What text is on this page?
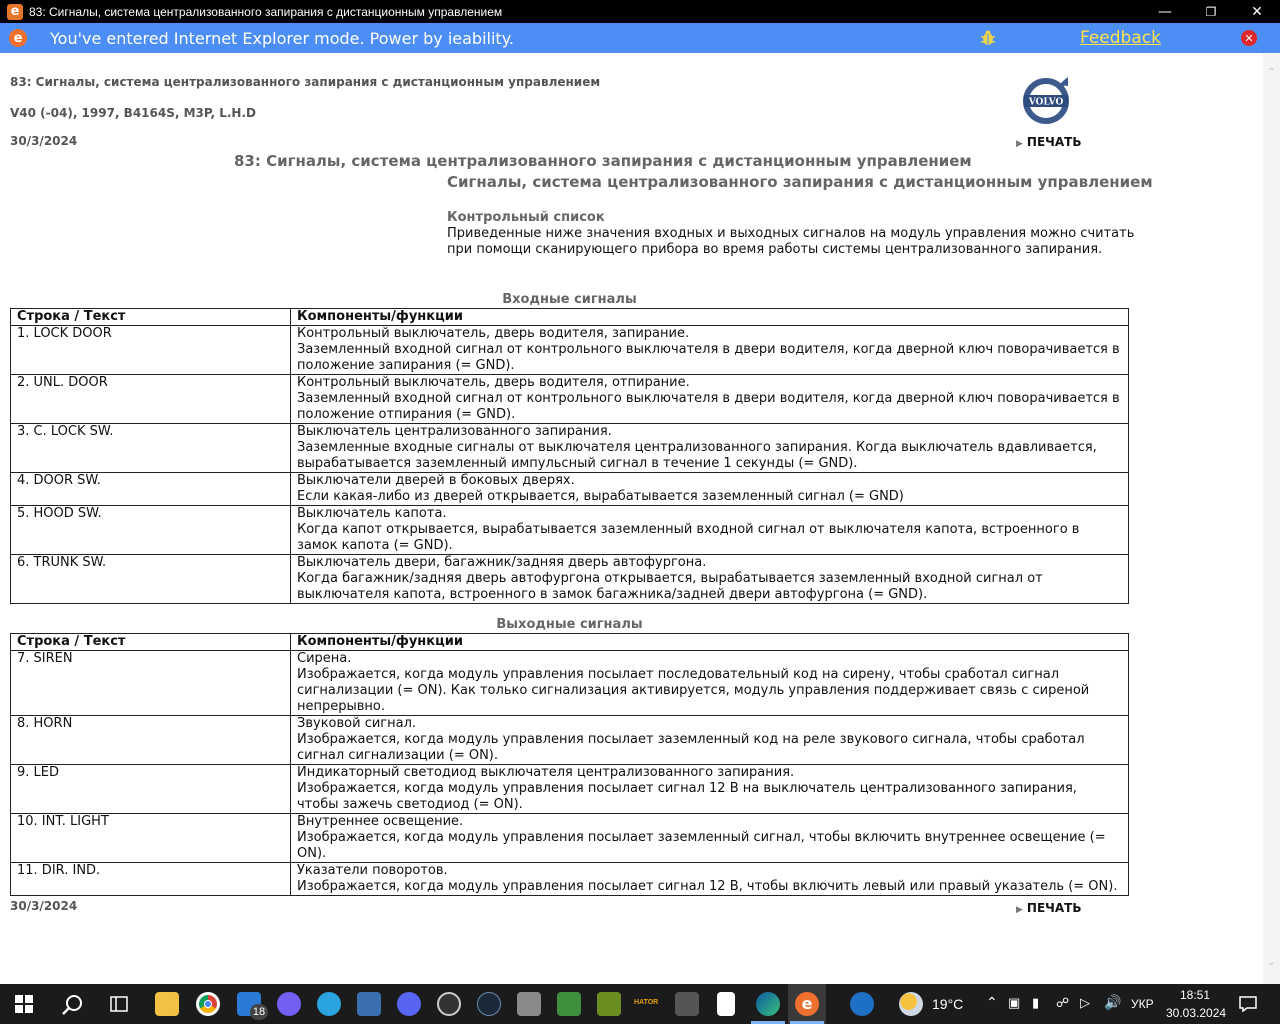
e 83: Сигналы, система централизованного запирания с дистанционным управлением	—	❐	✕
e You've entered Internet Explorer mode. Power by ieability.	Feedback	✕
83: Сигналы, система централизованного запирания с дистанционным управлением
V40 (-04), 1997, B4164S, M3P, L.H.D
30/3/2024
VOLVO
▶ ПЕЧАТЬ
83: Сигналы, система централизованного запирания с дистанционным управлением
Сигналы, система централизованного запирания с дистанционным управлением
Контрольный список
Приведенные ниже значения входных и выходных сигналов на модуль управления можно считать при помощи сканирующего прибора во время работы системы централизованного запирания.
Входные сигналы
Строка / Текст	Компоненты/функции
1. LOCK DOOR	Контрольный выключатель, дверь водителя, запирание.
Заземленный входной сигнал от контрольного выключателя в двери водителя, когда дверной ключ поворачивается в положение запирания (= GND).

2. UNL. DOOR	Контрольный выключатель, дверь водителя, отпирание.
Заземленный входной сигнал от контрольного выключателя в двери водителя, когда дверной ключ поворачивается в положение отпирания (= GND).

3. C. LOCK SW.	Выключатель централизованного запирания.
Заземленные входные сигналы от выключателя централизованного запирания. Когда выключатель вдавливается, вырабатывается заземленный импульсный сигнал в течение 1 секунды (= GND).

4. DOOR SW.	Выключатели дверей в боковых дверях.
Если какая-либо из дверей открывается, вырабатывается заземленный сигнал (= GND)

5. HOOD SW.	Выключатель капота.
Когда капот открывается, вырабатывается заземленный входной сигнал от выключателя капота, встроенного в замок капота (= GND).

6. TRUNK SW.	Выключатель двери, багажник/задняя дверь автофургона.
Когда багажник/задняя дверь автофургона открывается, вырабатывается заземленный входной сигнал от выключателя капота, встроенного в замок багажника/задней двери автофургона (= GND).
Выходные сигналы
Строка / Текст	Компоненты/функции
7. SIREN	Сирена.
Изображается, когда модуль управления посылает последовательный код на сирену, чтобы сработал сигнал сигнализации (= ON). Как только сигнализация активируется, модуль управления поддерживает связь с сиреной непрерывно.

8. HORN	Звуковой сигнал.
Изображается, когда модуль управления посылает заземленный код на реле звукового сигнала, чтобы сработал сигнал сигнализации (= ON).

9. LED	Индикаторный светодиод выключателя централизованного запирания.
Изображается, когда модуль управления посылает сигнал 12 В на выключатель централизованного запирания, чтобы зажечь светодиод (= ON).

10. INT. LIGHT	Внутреннее освещение.
Изображается, когда модуль управления посылает заземленный сигнал, чтобы включить внутреннее освещение (= ON).

11. DIR. IND.	Указатели поворотов.
Изображается, когда модуль управления посылает сигнал 12 В, чтобы включить левый или правый указатель (= ON).
30/3/2024	▶ ПЕЧАТЬ
⌃
⌄
18
HATOR	e	19°C ⌃ ▣ ▮ ☍ ▷ 🔊 УКР
18:51
30.03.2024
